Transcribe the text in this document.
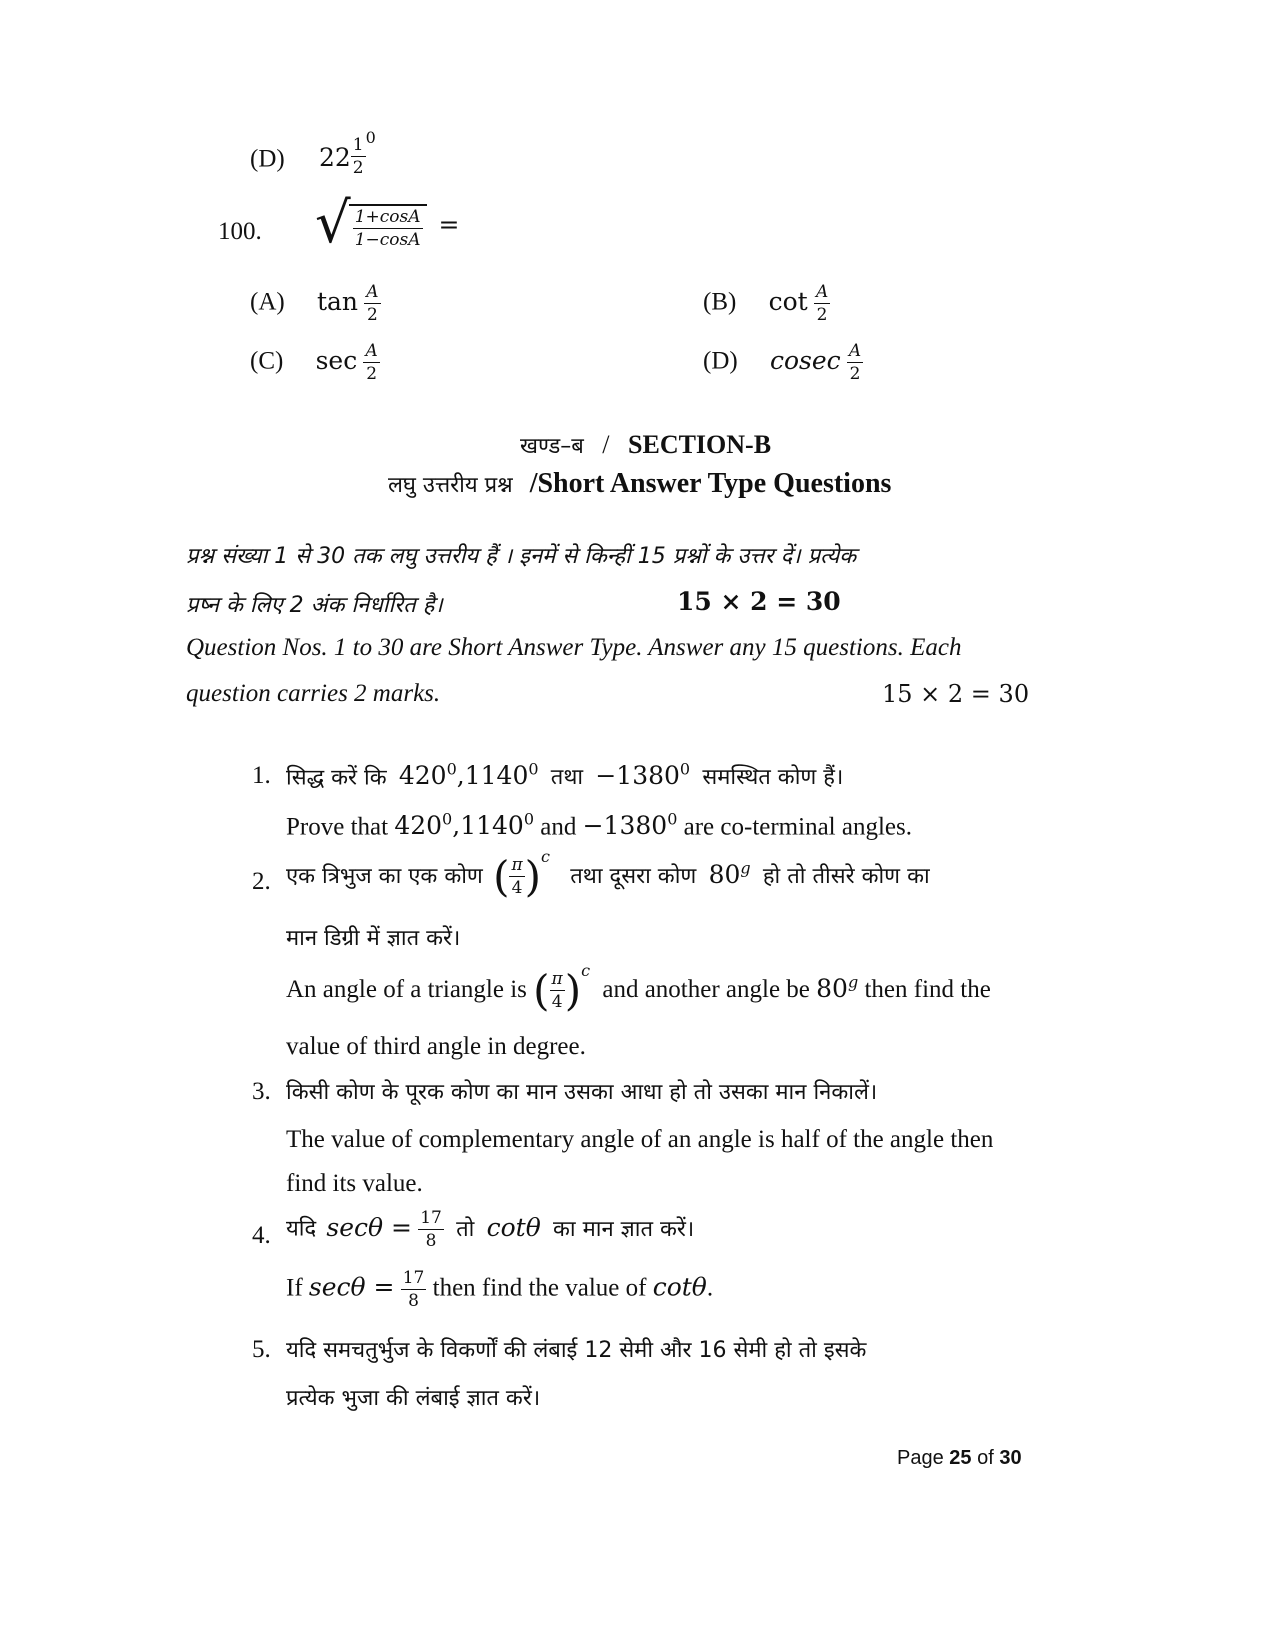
(D) $22 \frac{1}{2} ^0$
100. √ $\frac{1+\cos A}{1-\cos A}$ =
(A) $\tan \frac{A}{2}$	(B) $\cot \frac{A}{2}$
(C) $\sec \frac{A}{2}$	(D) cosec $\frac{A}{2}$
खण्ड–ब / SECTION-B
लघु उत्तरीय प्रश्न /Short Answer Type Questions
प्रश्न संख्या 1 से 30 तक लघु उत्तरीय हैं । इनमें से किन्हीं 15 प्रश्नों के उत्तर दें। प्रत्येक
प्रष्न के लिए 2 अंक निर्धारित है।	15 × 2 = 30
Question Nos. 1 to 30 are Short Answer Type. Answer any 15 questions. Each
question carries 2 marks.	15 × 2 = 30
1. सिद्ध करें कि $420^0,1140^0$ तथा $-1380^0$ समस्थित कोण हैं।
Prove that $420^0,1140^0$ and $-1380^0$ are co-terminal angles.
2. एक त्रिभुज का एक कोण ( $\frac{\pi}{4} )^c$ तथा दूसरा कोण 80$^g$ हो तो तीसरे कोण का
मान डिग्री में ज्ञात करें।
An angle of a triangle is ( $\frac{\pi}{4} )^c$ and another angle be 80$^g$ then find the
value of third angle in degree.
3. किसी कोण के पूरक कोण का मान उसका आधा हो तो उसका मान निकालें।
The value of complementary angle of an angle is half of the angle then
find its value.
4. यदि $\sec\theta = \frac{17}{8}$ तो cotθ का मान ज्ञात करें।
If $\sec\theta = \frac{17}{8}$ then find the value of cotθ.
5. यदि समचतुर्भुज के विकर्णों की लंबाई 12 सेमी और 16 सेमी हो तो इसके
प्रत्येक भुजा की लंबाई ज्ञात करें।
Page 25 of 30
